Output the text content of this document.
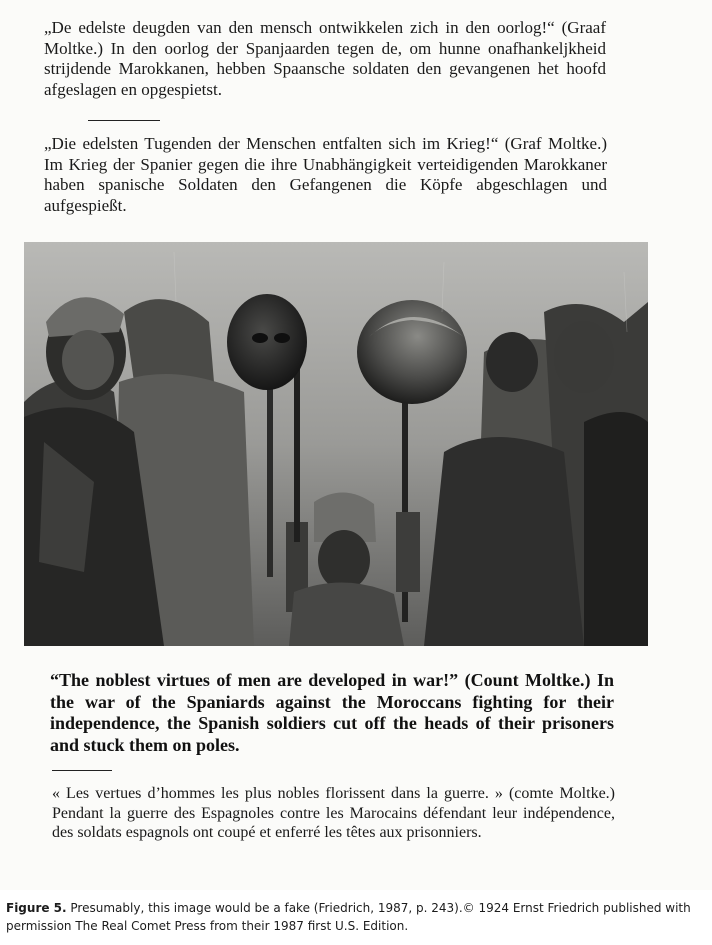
„De edelste deugden van den mensch ontwikkelen zich in den oorlog!“ (Graaf Moltke.) In den oorlog der Spanjaarden tegen de, om hunne onafhankeljkheid strijdende Marokkanen, hebben Spaansche soldaten den gevangenen het hoofd afgeslagen en opgespietst.

„Die edelsten Tugenden der Menschen entfalten sich im Krieg!“ (Graf Moltke.) Im Krieg der Spanier gegen die ihre Unabhängigkeit verteidigenden Marokkaner haben spanische Soldaten den Gefangenen die Köpfe abgeschlagen und aufgespießt.

“The noblest virtues of men are developed in war!” (Count Moltke.) In the war of the Spaniards against the Moroccans fighting for their independence, the Spanish soldiers cut off the heads of their prisoners and stuck them on poles.

« Les vertues d’hommes les plus nobles florissent dans la guerre. » (comte Moltke.) Pendant la guerre des Espagnoles contre les Marocains défendant leur indépendence, des soldats espagnols ont coupé et enferré les têtes aux prisonniers.

Figure 5. Presumably, this image would be a fake (Friedrich, 1987, p. 243).© 1924 Ernst Friedrich published with permission The Real Comet Press from their 1987 first U.S. Edition.
